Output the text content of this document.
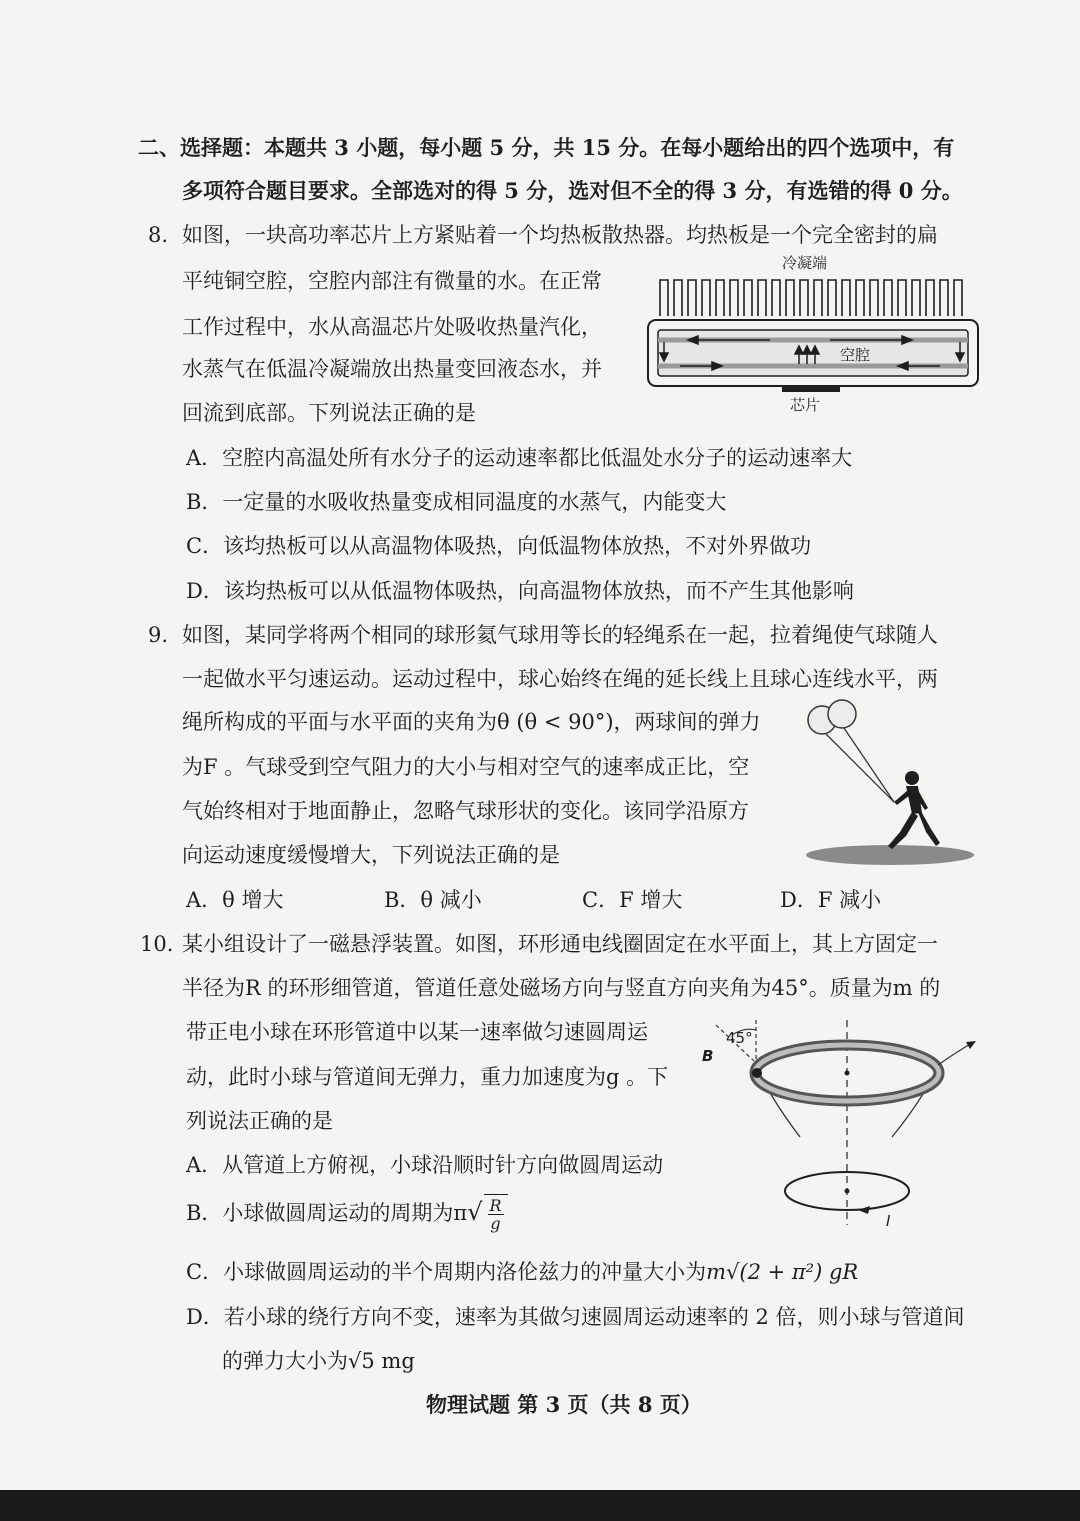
二、选择题：本题共 3 小题，每小题 5 分，共 15 分。在每小题给出的四个选项中，有
多项符合题目要求。全部选对的得 5 分，选对但不全的得 3 分，有选错的得 0 分。
8. 如图，一块高功率芯片上方紧贴着一个均热板散热器。均热板是一个完全密封的扁
平纯铜空腔，空腔内部注有微量的水。在正常
工作过程中，水从高温芯片处吸收热量汽化，
水蒸气在低温冷凝端放出热量变回液态水，并
回流到底部。下列说法正确的是
冷凝端
空腔
芯片
A．空腔内高温处所有水分子的运动速率都比低温处水分子的运动速率大
B．一定量的水吸收热量变成相同温度的水蒸气，内能变大
C．该均热板可以从高温物体吸热，向低温物体放热，不对外界做功
D．该均热板可以从低温物体吸热，向高温物体放热，而不产生其他影响
9. 如图，某同学将两个相同的球形氦气球用等长的轻绳系在一起，拉着绳使气球随人
一起做水平匀速运动。运动过程中，球心始终在绳的延长线上且球心连线水平，两
绳所构成的平面与水平面的夹角为θ (θ < 90°)，两球间的弹力
为F 。气球受到空气阻力的大小与相对空气的速率成正比，空
气始终相对于地面静止，忽略气球形状的变化。该同学沿原方
向运动速度缓慢增大，下列说法正确的是
A．θ 增大	B．θ 减小	C．F 增大	D．F 减小
10. 某小组设计了一磁悬浮装置。如图，环形通电线圈固定在水平面上，其上方固定一
半径为R 的环形细管道，管道任意处磁场方向与竖直方向夹角为45°。质量为m 的
带正电小球在环形管道中以某一速率做匀速圆周运
动，此时小球与管道间无弹力，重力加速度为g 。下
列说法正确的是
45°
B
I
A．从管道上方俯视，小球沿顺时针方向做圆周运动
B．小球做圆周运动的周期为$\pi√ \frac{R}{g}$
C．小球做圆周运动的半个周期内洛伦兹力的冲量大小为m√(2 + π²) gR
D．若小球的绕行方向不变，速率为其做匀速圆周运动速率的 2 倍，则小球与管道间
的弹力大小为√5 mg
物理试题 第 3 页（共 8 页）
